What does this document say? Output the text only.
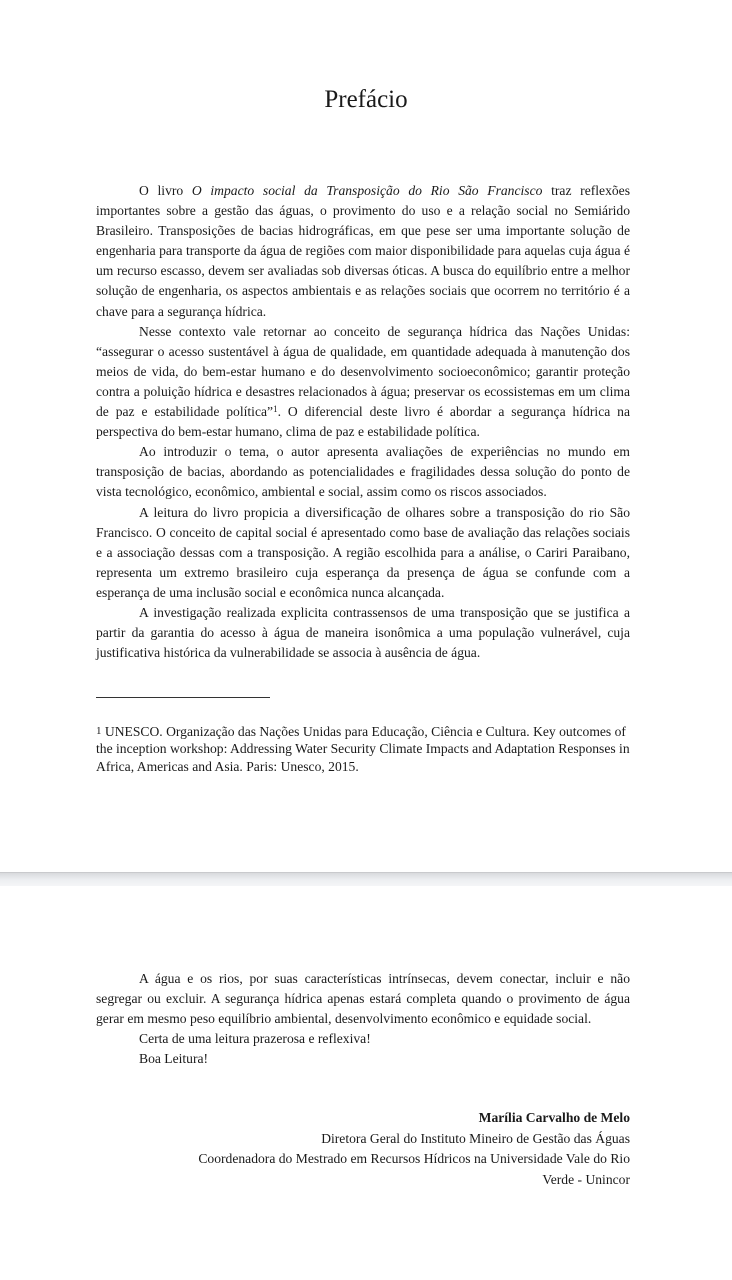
Prefácio

O livro O impacto social da Transposição do Rio São Francisco traz reflexões importantes sobre a gestão das águas, o provimento do uso e a relação social no Semiárido Brasileiro. Transposições de bacias hidrográficas, em que pese ser uma importante solução de engenharia para transporte da água de regiões com maior disponibilidade para aquelas cuja água é um recurso escasso, devem ser avaliadas sob diversas óticas. A busca do equilíbrio entre a melhor solução de engenharia, os aspectos ambientais e as relações sociais que ocorrem no território é a chave para a segurança hídrica.

Nesse contexto vale retornar ao conceito de segurança hídrica das Nações Unidas: “assegurar o acesso sustentável à água de qualidade, em quantidade adequada à manutenção dos meios de vida, do bem-estar humano e do desenvolvimento socioeconômico; garantir proteção contra a poluição hídrica e desastres relacionados à água; preservar os ecossistemas em um clima de paz e estabilidade política”$^1$. O diferencial deste livro é abordar a segurança hídrica na perspectiva do bem-estar humano, clima de paz e estabilidade política.

Ao introduzir o tema, o autor apresenta avaliações de experiências no mundo em transposição de bacias, abordando as potencialidades e fragilidades dessa solução do ponto de vista tecnológico, econômico, ambiental e social, assim como os riscos associados.

A leitura do livro propicia a diversificação de olhares sobre a transposição do rio São Francisco. O conceito de capital social é apresentado como base de avaliação das relações sociais e a associação dessas com a transposição. A região escolhida para a análise, o Cariri Paraibano, representa um extremo brasileiro cuja esperança da presença de água se confunde com a esperança de uma inclusão social e econômica nunca alcançada.

A investigação realizada explicita contrassensos de uma transposição que se justifica a partir da garantia do acesso à água de maneira isonômica a uma população vulnerável, cuja justificativa histórica da vulnerabilidade se associa à ausência de água.

1 UNESCO. Organização das Nações Unidas para Educação, Ciência e Cultura. Key outcomes of the inception workshop: Addressing Water Security Climate Impacts and Adaptation Responses in Africa, Americas and Asia. Paris: Unesco, 2015.

A água e os rios, por suas características intrínsecas, devem conectar, incluir e não segregar ou excluir. A segurança hídrica apenas estará completa quando o provimento de água gerar em mesmo peso equilíbrio ambiental, desenvolvimento econômico e equidade social.

Certa de uma leitura prazerosa e reflexiva!

Boa Leitura!

Marília Carvalho de Melo
Diretora Geral do Instituto Mineiro de Gestão das Águas
Coordenadora do Mestrado em Recursos Hídricos na Universidade Vale do Rio
Verde - Unincor
